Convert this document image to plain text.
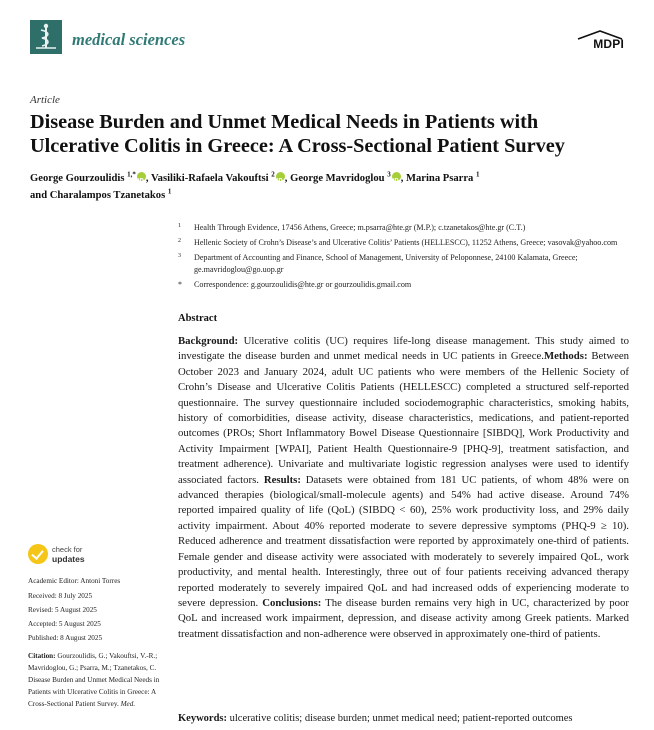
medical sciences	MDPI
Article
Disease Burden and Unmet Medical Needs in Patients with Ulcerative Colitis in Greece: A Cross-Sectional Patient Survey
George Gourzoulidis $^{1,*}$ iD , Vasiliki-Rafaela Vakouftsi $^2$ iD , George Mavridoglou $^3$ iD , Marina Psarra $^1$
and Charalampos Tzanetakos $^1$
1 Health Through Evidence, 17456 Athens, Greece; m.psarra@hte.gr (M.P.); c.tzanetakos@hte.gr (C.T.)
2 Hellenic Society of Crohn’s Disease’s and Ulcerative Colitis’ Patients (HELLESCC), 11252 Athens, Greece; vasovak@yahoo.com
3 Department of Accounting and Finance, School of Management, University of Peloponnese, 24100 Kalamata, Greece; ge.mavridoglou@go.uop.gr
* Correspondence: g.gourzoulidis@hte.gr or gourzoulidis.gmail.com
Abstract
Background: Ulcerative colitis (UC) requires life-long disease management. This study aimed to investigate the disease burden and unmet medical needs in UC patients in Greece.Methods: Between October 2023 and January 2024, adult UC patients who were members of the Hellenic Society of Crohn’s Disease and Ulcerative Colitis Patients (HELLESCC) completed a structured self-reported questionnaire. The survey questionnaire included sociodemographic characteristics, smoking habits, history of comorbidities, disease activity, disease characteristics, medications, and patient-reported outcomes (PROs; Short Inflammatory Bowel Disease Questionnaire [SIBDQ], Work Productivity and Activity Impairment [WPAI], Patient Health Questionnaire-9 [PHQ-9], treatment satisfaction, and treatment adherence). Univariate and multivariate logistic regression analyses were used to identify associated factors. Results: Datasets were obtained from 181 UC patients, of whom 48% were on advanced therapies (biological/small-molecule agents) and 54% had active disease. Around 74% reported impaired quality of life (QoL) (SIBDQ < 60), 25% work productivity loss, and 29% daily activity impairment. About 40% reported moderate to severe depressive symptoms (PHQ-9 ≥ 10). Reduced adherence and treatment dissatisfaction were reported by approximately one-third of patients. Female gender and disease activity were associated with moderately to severely impaired QoL, work productivity, and mental health. Interestingly, three out of four patients receiving advanced therapy reported moderately to severely impaired QoL and had increased odds of experiencing moderate to severe depression. Conclusions: The disease burden remains very high in UC, characterized by poor QoL and increased work impairment, depression, and disease activity among Greek patients. Marked treatment dissatisfaction and non-adherence were observed in approximately one-third of patients.
Keywords: ulcerative colitis; disease burden; unmet medical need; patient-reported outcomes
check for
updates
Academic Editor: Antoni Torres
Received: 8 July 2025
Revised: 5 August 2025
Accepted: 5 August 2025
Published: 8 August 2025
Citation: Gourzoulidis, G.; Vakouftsi, V.-R.; Mavridoglou, G.; Psarra, M.; Tzanetakos, C. Disease Burden and Unmet Medical Needs in Patients with Ulcerative Colitis in Greece: A Cross-Sectional Patient Survey. Med.
